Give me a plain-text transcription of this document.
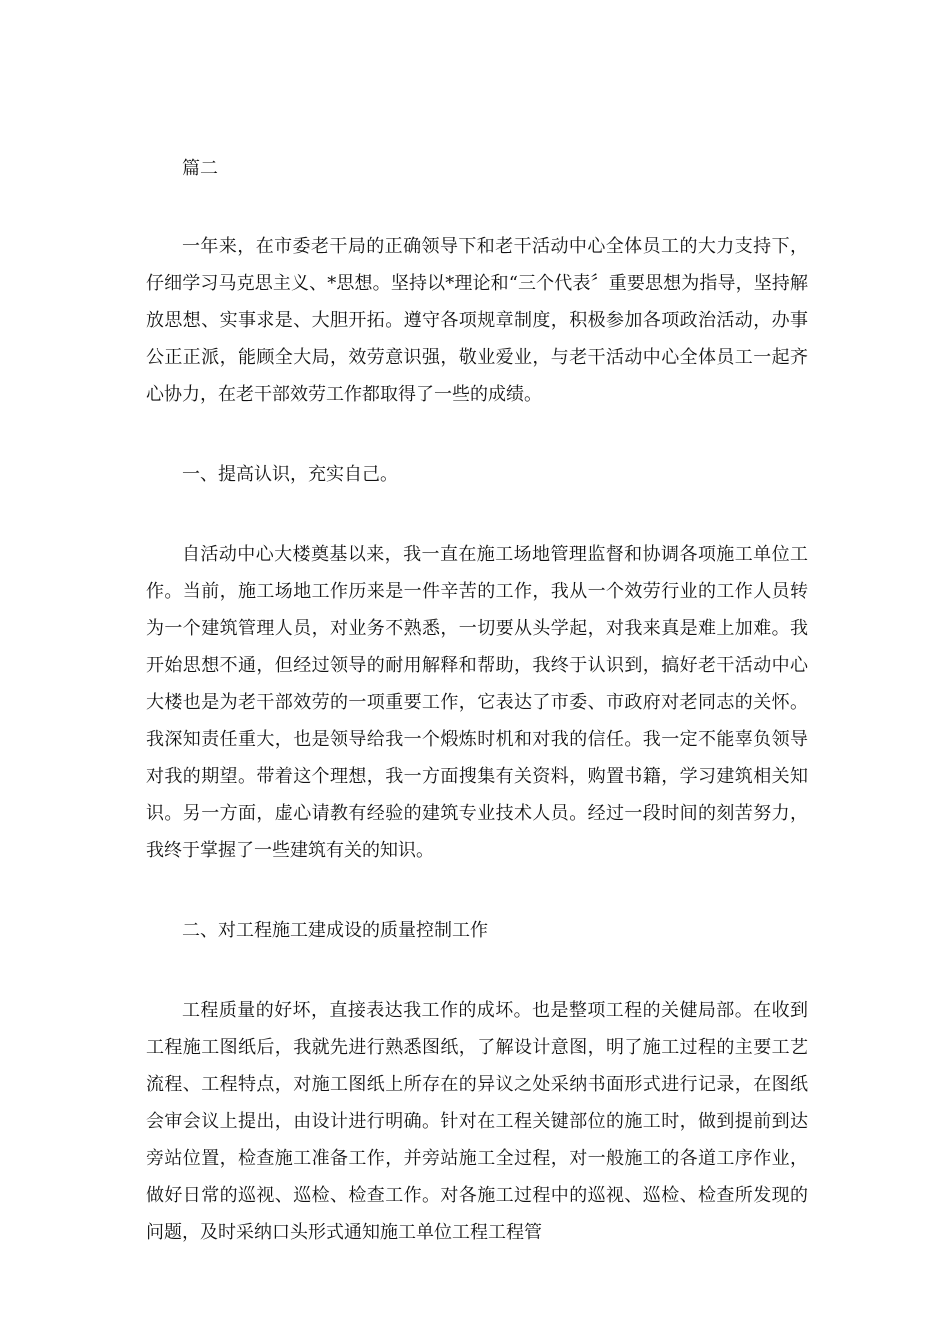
篇二

一年来，在市委老干局的正确领导下和老干活动中心全体员工的大力支持下，仔细学习马克思主义、*思想。坚持以*理论和“三个代表〞重要思想为指导，坚持解放思想、实事求是、大胆开拓。遵守各项规章制度，积极参加各项政治活动，办事公正正派，能顾全大局，效劳意识强，敬业爱业，与老干活动中心全体员工一起齐心协力，在老干部效劳工作都取得了一些的成绩。

一、提高认识，充实自己。

自活动中心大楼奠基以来，我一直在施工场地管理监督和协调各项施工单位工作。当前，施工场地工作历来是一件辛苦的工作，我从一个效劳行业的工作人员转为一个建筑管理人员，对业务不熟悉，一切要从头学起，对我来真是难上加难。我开始思想不通，但经过领导的耐用解释和帮助，我终于认识到，搞好老干活动中心大楼也是为老干部效劳的一项重要工作，它表达了市委、市政府对老同志的关怀。我深知责任重大，也是领导给我一个煅炼时机和对我的信任。我一定不能辜负领导对我的期望。带着这个理想，我一方面搜集有关资料，购置书籍，学习建筑相关知识。另一方面，虚心请教有经验的建筑专业技术人员。经过一段时间的刻苦努力，我终于掌握了一些建筑有关的知识。

二、对工程施工建成设的质量控制工作

工程质量的好坏，直接表达我工作的成坏。也是整项工程的关健局部。在收到工程施工图纸后，我就先进行熟悉图纸，了解设计意图，明了施工过程的主要工艺流程、工程特点，对施工图纸上所存在的异议之处采纳书面形式进行记录，在图纸会审会议上提出，由设计进行明确。针对在工程关键部位的施工时，做到提前到达旁站位置，检查施工准备工作，并旁站施工全过程，对一般施工的各道工序作业，做好日常的巡视、巡检、检查工作。对各施工过程中的巡视、巡检、检查所发现的问题，及时采纳口头形式通知施工单位工程工程管
